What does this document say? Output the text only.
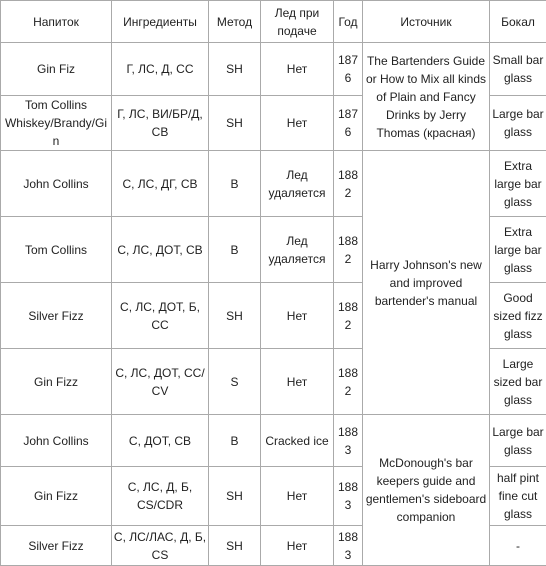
Напиток	Ингредиенты	Метод	Лед при подаче	Год	Источник	Бокал
Gin Fiz	Г, ЛС, Д, СС	SH	Нет	1876	The Bartenders Guide or How to Mix all kinds of Plain and Fancy Drinks by Jerry Thomas (красная)	Small bar glass
Tom Collins Whiskey/Brandy/Gin	Г, ЛС, ВИ/БР/Д, СВ	SH	Нет	1876		Large bar glass
John Collins	С, ЛС, ДГ, СВ	B	Лед удаляется	1882	Harry Johnson's new and improved bartender's manual	Extra large bar glass
Tom Collins	С, ЛС, ДОТ, СВ	B	Лед удаляется	1882		Extra large bar glass
Silver Fizz	С, ЛС, ДОТ, Б, СС	SH	Нет	1882		Good sized fizz glass
Gin Fizz	С, ЛС, ДОТ, СС/ CV	S	Нет	1882		Large sized bar glass
John Collins	С, ДОТ, СВ	B	Cracked ice	1883	McDonough's bar keepers guide and gentlemen's sideboard companion	Large bar glass
Gin Fizz	С, ЛС, Д, Б, CS/CDR	SH	Нет	1883		half pint fine cut glass
Silver Fizz	С, ЛС/ЛАС, Д, Б, CS	SH	Нет	1883		-
